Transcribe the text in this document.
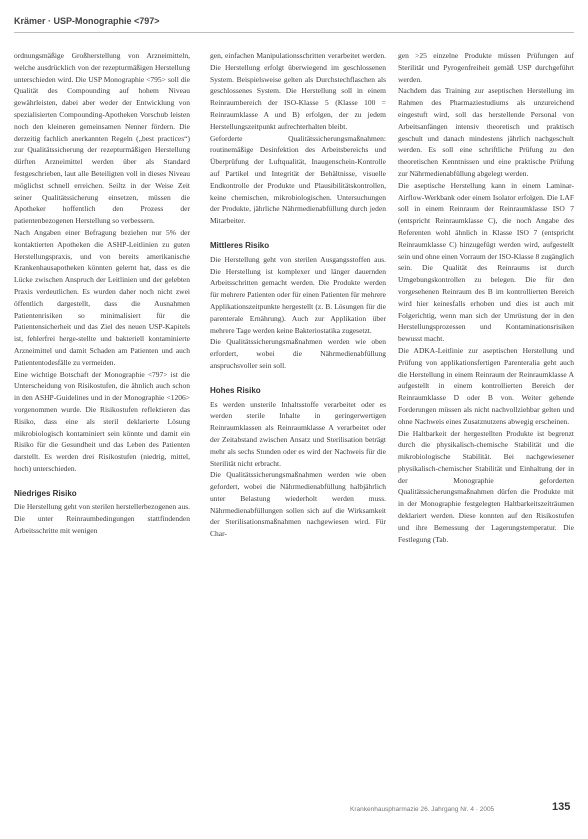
Krämer · USP-Monographie <797>

ordnungsmäßige Großherstellung von Arzneimitteln, welche ausdrücklich von der rezepturmäßigen Herstellung unterschieden wird. Die USP Monographie <795> soll die Qualität des Compounding auf hohem Niveau gewährleisten, dabei aber weder der Entwicklung von spezialisierten Compounding-Apotheken Vorschub leisten noch den kleineren gemeinsamen Nenner fördern. Die derzeitig fachlich anerkannten Regeln („best practices“) zur Qualitätssicherung der rezepturmäßigen Herstellung dürften Arzneimittel werden über als Standard festgeschrieben, laut alle Beteiligten voll in dieses Niveau möglichst schnell erreichen. Seiltz in der Weise Zeit seiner Qualitätssicherung einsetzen, müssen die Apotheker hoffentlich den Prozess der patientenbezogenen Herstellung so verbessern.

Nach Angaben einer Befragung beziehen nur 5% der kontaktierten Apotheken die ASHP-Leitlinien zu guten Herstellungspraxis, und von bereits amerikanische Krankenhausapotheken könnten gelernt hat, dass es die Lücke zwischen Anspruch der Leitlinien und der gelebten Praxis verdeutlichen. Es wurden daher noch nicht zwei öffentlich dargestellt, dass die Ausnahmen Patientenrisiken so minimalisiert für die Patientensicherheit und das Ziel des neuen USP-Kapitels ist, fehlerfrei herge-stellte und bakteriell kontaminierte Arzneimittel und damit Schaden am Patienten und auch Patiententodesfälle zu vermeiden.

Eine wichtige Botschaft der Monographie <797> ist die Unterscheidung von Risikostufen, die ähnlich auch schon in den ASHP-Guidelines und in der Monographie <1206> vorgenommen wurde. Die Risikostufen reflektieren das Risiko, dass eine als steril deklarierte Lösung mikrobiologisch kontaminiert sein könnte und damit ein Risiko für die Gesundheit und das Leben des Patienten darstellt. Es werden drei Risikostufen (niedrig, mittel, hoch) unterschieden.

Niedriges Risiko

Die Herstellung geht von sterilen herstellerbezogenen aus. Die unter Reinraumbedingungen stattfindenden Arbeitsschritte mit wenigen

gen, einfachen Manipulationsschritten verarbeitet werden. Die Herstellung erfolgt überwiegend im geschlossenen System. Beispielsweise gelten als Durchstechflaschen als geschlossenes System. Die Herstellung soll in einem Reinraumbereich der ISO-Klasse 5 (Klasse 100 = Reinraumklasse A und B) erfolgen, der zu jedem Herstellungszeitpunkt aufrechterhalten bleibt.

Geforderte Qualitätssicherungsmaßnahmen: routinemäßige Desinfektion des Arbeitsbereichs und Überprüfung der Luftqualität, Inaugenschein-Kontrolle auf Partikel und Integrität der Behältnisse, visuelle Endkontrolle der Produkte und Plausibilitätskontrollen, keine chemischen, mikrobiologischen. Untersuchungen der Produkte, jährliche Nährmedienabfüllung durch jeden Mitarbeiter.

Mittleres Risiko

Die Herstellung geht von sterilen Ausgangsstoffen aus. Die Herstellung ist komplexer und länger dauernden Arbeitsschritten gemacht werden. Die Produkte werden für mehrere Patienten oder für einen Patienten für mehrere Applikationszeitpunkte hergestellt (z. B. Lösungen für die parenterale Ernährung). Auch zur Applikation über mehrere Tage werden keine Bakteriostatika zugesetzt.

Die Qualitätssicherungsmaßnahmen werden wie oben erfordert, wobei die Nährmedienabfüllung anspruchsvoller sein soll.

Hohes Risiko

Es werden unsterile Inhaltsstoffe verarbeitet oder es werden sterile Inhalte in geringerwertigen Reinraumklassen als Reinraumklasse A verarbeitet oder der Zeitabstand zwischen Ansatz und Sterilisation beträgt mehr als sechs Stunden oder es wird der Nachweis für die Sterilität nicht erbracht.

Die Qualitätssicherungsmaßnahmen werden wie oben gefordert, wobei die Nährmedienabfüllung halbjährlich unter Belastung wiederholt werden muss. Nährmedienabfüllungen sollen sich auf die Wirksamkeit der Sterilisationsmaßnahmen nachgewiesen wird. Für Char-

gen >25 einzelne Produkte müssen Prüfungen auf Sterilität und Pyrogenfreiheit gemäß USP durchgeführt werden.

Nachdem das Training zur aseptischen Herstellung im Rahmen des Pharmaziestudiums als unzureichend eingestuft wird, soll das herstellende Personal von Arbeitsanfängen intensiv theoretisch und praktisch geschult und danach mindestens jährlich nachgeschult werden. Es soll eine schriftliche Prüfung zu den theoretischen Kenntnissen und eine praktische Prüfung zur Nährmedienabfüllung abgelegt werden.

Die aseptische Herstellung kann in einem Laminar-Airflow-Werkbank oder einem Isolator erfolgen. Die LAF soll in einem Reinraum der Reinraumklasse ISO 7 (entspricht Reinraumklasse C), die noch Angabe des Referenten wohl ähnlich in Klasse ISO 7 (entspricht Reinraumklasse C) hinzugefügt werden wird, aufgestellt sein und ohne einen Vorraum der ISO-Klasse 8 zugänglich sein. Die Qualität des Reinraums ist durch Umgebungskontrollen zu belegen. Die für den vorgesehenen Reinraum des B im kontrollierten Bereich wird hier keinesfalls erhoben und dies ist auch mit Folgerichtig, wenn man sich der Umrüstung der in den Herstellungsprozessen und Kontaminationsrisiken bewusst macht.

Die ADKA-Leitlinie zur aseptischen Herstellung und Prüfung von applikationsfertigen Parenteralia geht auch die Herstellung in einem Reinraum der Reinraumklasse A aufgestellt in einem kontrollierten Bereich der Reinraumklasse D oder B von. Weiter gehende Forderungen müssen als nicht nachvollziehbar gelten und ohne Nachweis eines Zusatznutzens abwegig erscheinen.

Die Haltbarkeit der hergestellten Produkte ist begrenzt durch die physikalisch-chemische Stabilität und die mikrobiologische Stabilität. Bei nachgewiesener physikalisch-chemischer Stabilität und Einhaltung der in der Monographie geforderten Qualitätssicherungsmaßnahmen dürfen die Produkte mit in der Monographie festgelegten Haltbarkeitszeiträumen deklariert werden. Diese konnten auf den Risikostufen und ihre Bemessung der Lagerungstemperatur. Die Festlegung (Tab.

Krankenhauspharmazie 26. Jahrgang Nr. 4 · 2005	135
